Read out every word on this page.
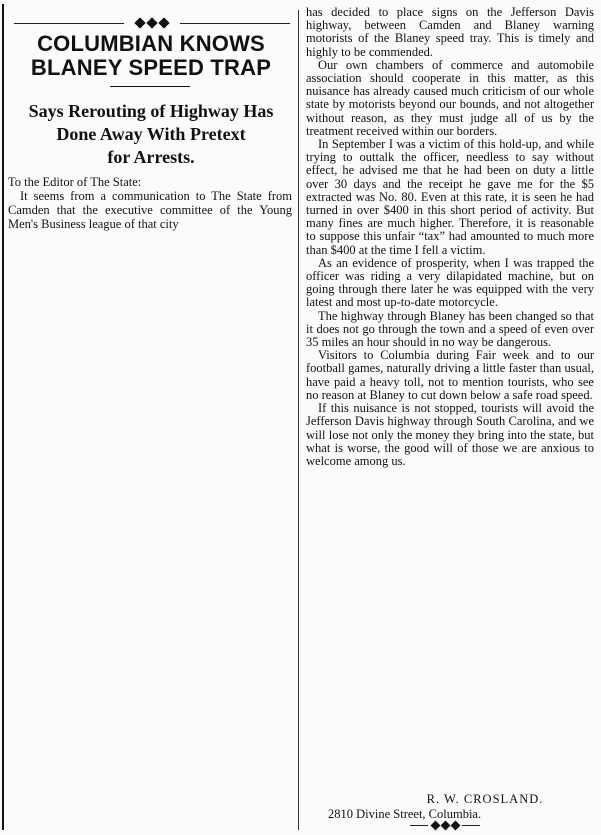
COLUMBIAN KNOWS
BLANEY SPEED TRAP
Says Rerouting of Highway Has
Done Away With Pretext
for Arrests.

To the Editor of The State:

It seems from a communication to The State from Camden that the executive committee of the Young Men's Business league of that city

has decided to place signs on the Jefferson Davis highway, between Camden and Blaney warning motorists of the Blaney speed tray. This is timely and highly to be commended.

Our own chambers of commerce and automobile association should cooperate in this matter, as this nuisance has already caused much criticism of our whole state by motorists beyond our bounds, and not altogether without reason, as they must judge all of us by the treatment received within our borders.

In September I was a victim of this hold-up, and while trying to outtalk the officer, needless to say without effect, he advised me that he had been on duty a little over 30 days and the receipt he gave me for the $5 extracted was No. 80. Even at this rate, it is seen he had turned in over $400 in this short period of activity. But many fines are much higher. Therefore, it is reasonable to suppose this unfair “tax” had amounted to much more than $400 at the time I fell a victim.

As an evidence of prosperity, when I was trapped the officer was riding a very dilapidated machine, but on going through there later he was equipped with the very latest and most up-to-date motorcycle.

The highway through Blaney has been changed so that it does not go through the town and a speed of even over 35 miles an hour should in no way be dangerous.

Visitors to Columbia during Fair week and to our football games, naturally driving a little faster than usual, have paid a heavy toll, not to mention tourists, who see no reason at Blaney to cut down below a safe road speed.

If this nuisance is not stopped, tourists will avoid the Jefferson Davis highway through South Carolina, and we will lose not only the money they bring into the state, but what is worse, the good will of those we are anxious to welcome among us.

R. W. CROSLAND.
2810 Divine Street, Columbia.
